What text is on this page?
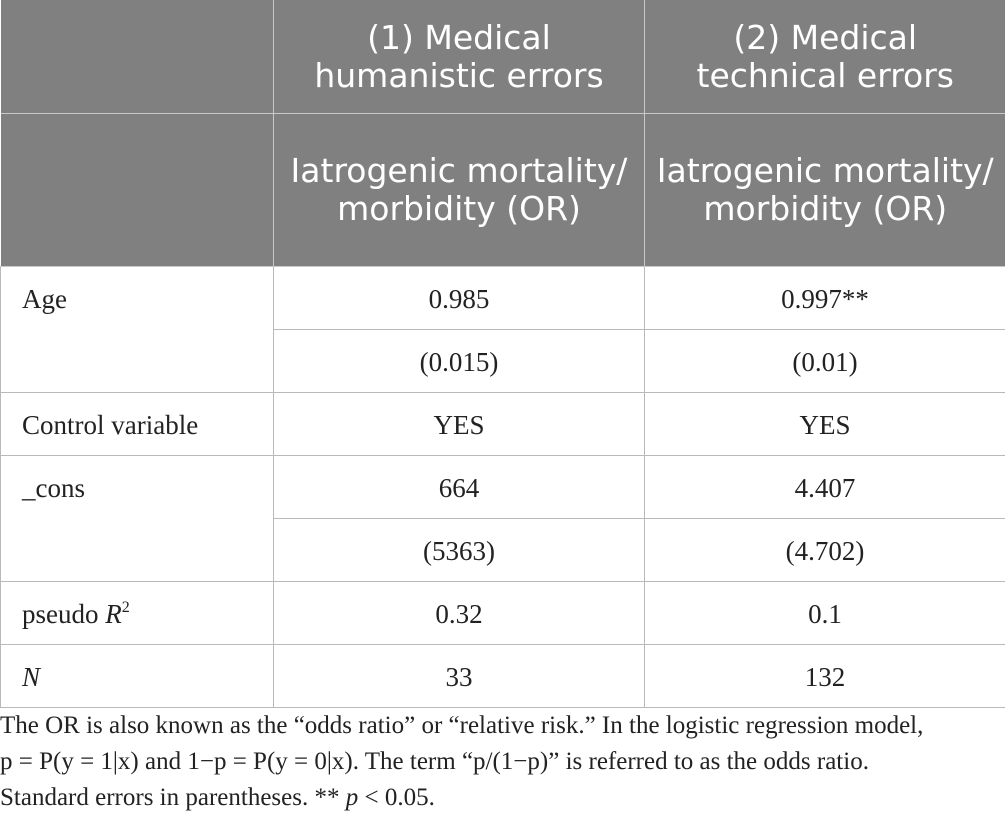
	(1) Medical humanistic errors	(2) Medical technical errors
	Iatrogenic mortality/ morbidity (OR)	Iatrogenic mortality/ morbidity (OR)
Age	0.985	0.997**
	(0.015)	(0.01)
Control variable	YES	YES
_cons	664	4.407
	(5363)	(4.702)
pseudo $R^2$	0.32	0.1
N	33	132

The OR is also known as the “odds ratio” or “relative risk.” In the logistic regression model,

p = P(y = 1|x) and 1−p = P(y = 0|x). The term “p/(1−p)” is referred to as the odds ratio.

Standard errors in parentheses. ** p < 0.05.
